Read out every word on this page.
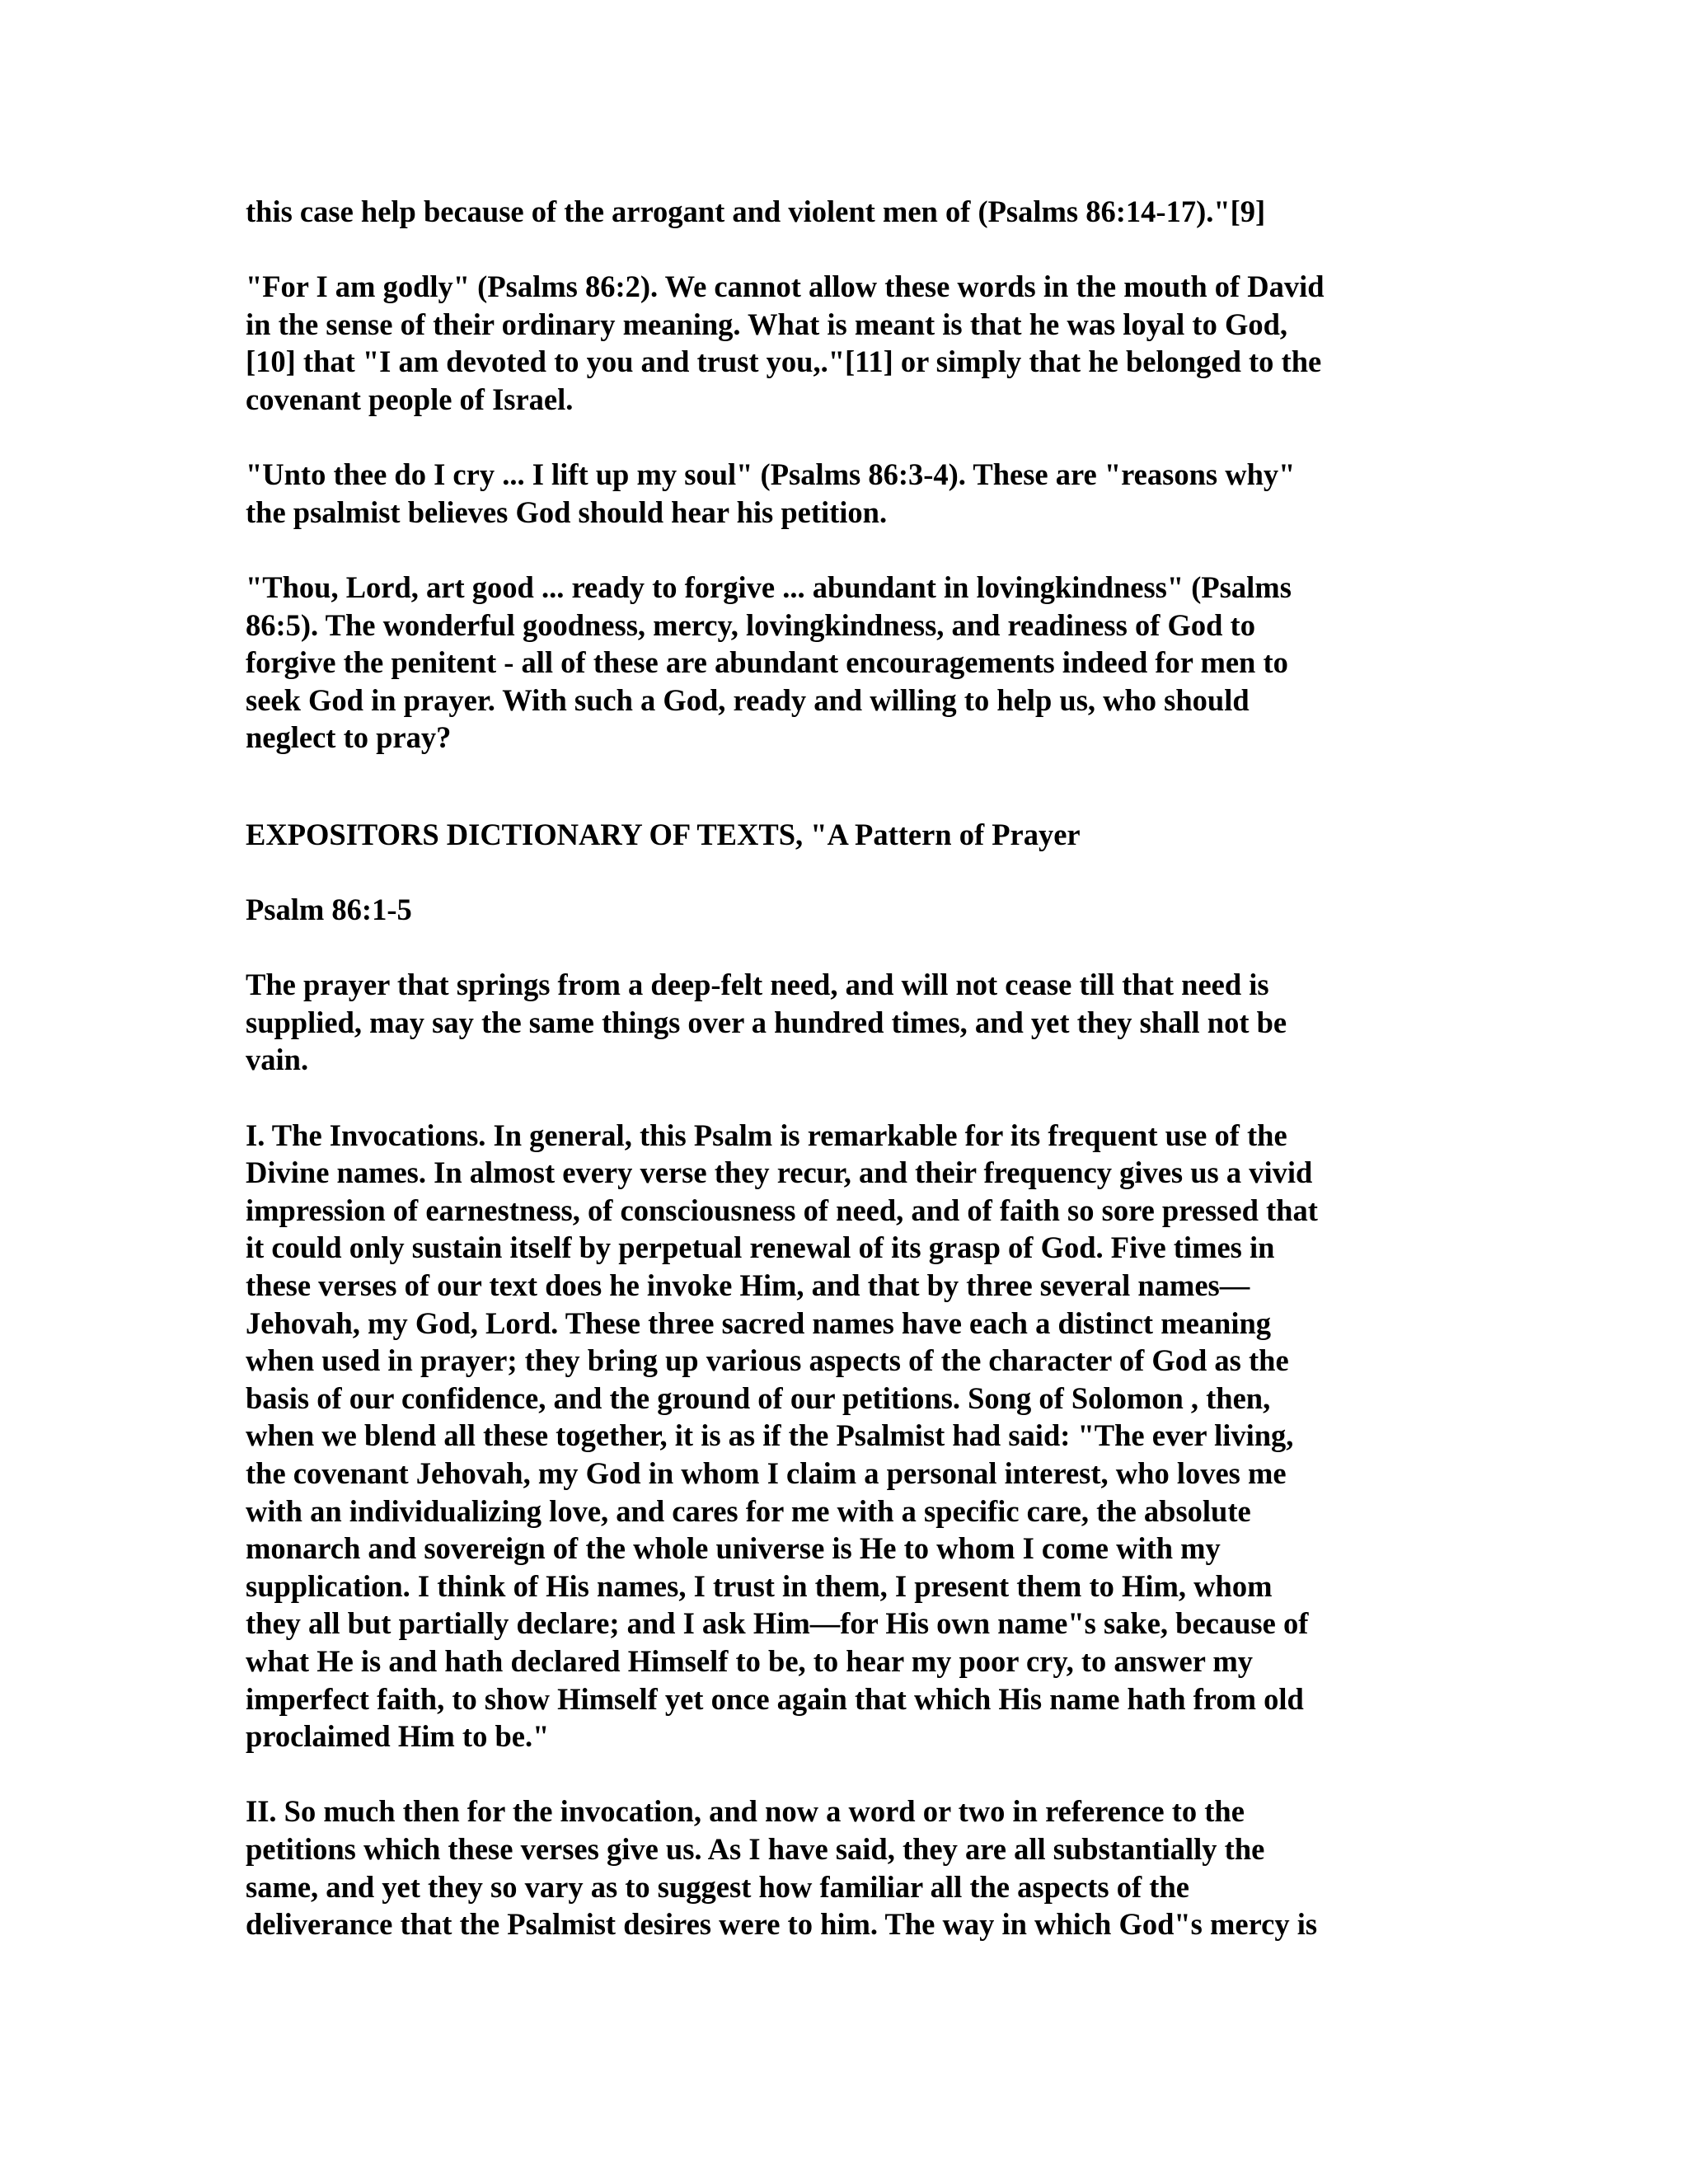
this case help because of the arrogant and violent men of (Psalms 86:14-17)."[9]
"For I am godly" (Psalms 86:2). We cannot allow these words in the mouth of David
in the sense of their ordinary meaning. What is meant is that he was loyal to God,
[10] that "I am devoted to you and trust you,."[11] or simply that he belonged to the
covenant people of Israel.
"Unto thee do I cry ... I lift up my soul" (Psalms 86:3-4). These are "reasons why"
the psalmist believes God should hear his petition.
"Thou, Lord, art good ... ready to forgive ... abundant in lovingkindness" (Psalms
86:5). The wonderful goodness, mercy, lovingkindness, and readiness of God to
forgive the penitent - all of these are abundant encouragements indeed for men to
seek God in prayer. With such a God, ready and willing to help us, who should
neglect to pray?
EXPOSITORS DICTIONARY OF TEXTS, "A Pattern of Prayer
Psalm 86:1-5
The prayer that springs from a deep-felt need, and will not cease till that need is
supplied, may say the same things over a hundred times, and yet they shall not be
vain.
I. The Invocations. In general, this Psalm is remarkable for its frequent use of the
Divine names. In almost every verse they recur, and their frequency gives us a vivid
impression of earnestness, of consciousness of need, and of faith so sore pressed that
it could only sustain itself by perpetual renewal of its grasp of God. Five times in
these verses of our text does he invoke Him, and that by three several names—
Jehovah, my God, Lord. These three sacred names have each a distinct meaning
when used in prayer; they bring up various aspects of the character of God as the
basis of our confidence, and the ground of our petitions. Song of Solomon , then,
when we blend all these together, it is as if the Psalmist had said: "The ever living,
the covenant Jehovah, my God in whom I claim a personal interest, who loves me
with an individualizing love, and cares for me with a specific care, the absolute
monarch and sovereign of the whole universe is He to whom I come with my
supplication. I think of His names, I trust in them, I present them to Him, whom
they all but partially declare; and I ask Him—for His own name"s sake, because of
what He is and hath declared Himself to be, to hear my poor cry, to answer my
imperfect faith, to show Himself yet once again that which His name hath from old
proclaimed Him to be."
II. So much then for the invocation, and now a word or two in reference to the
petitions which these verses give us. As I have said, they are all substantially the
same, and yet they so vary as to suggest how familiar all the aspects of the
deliverance that the Psalmist desires were to him. The way in which God"s mercy is
